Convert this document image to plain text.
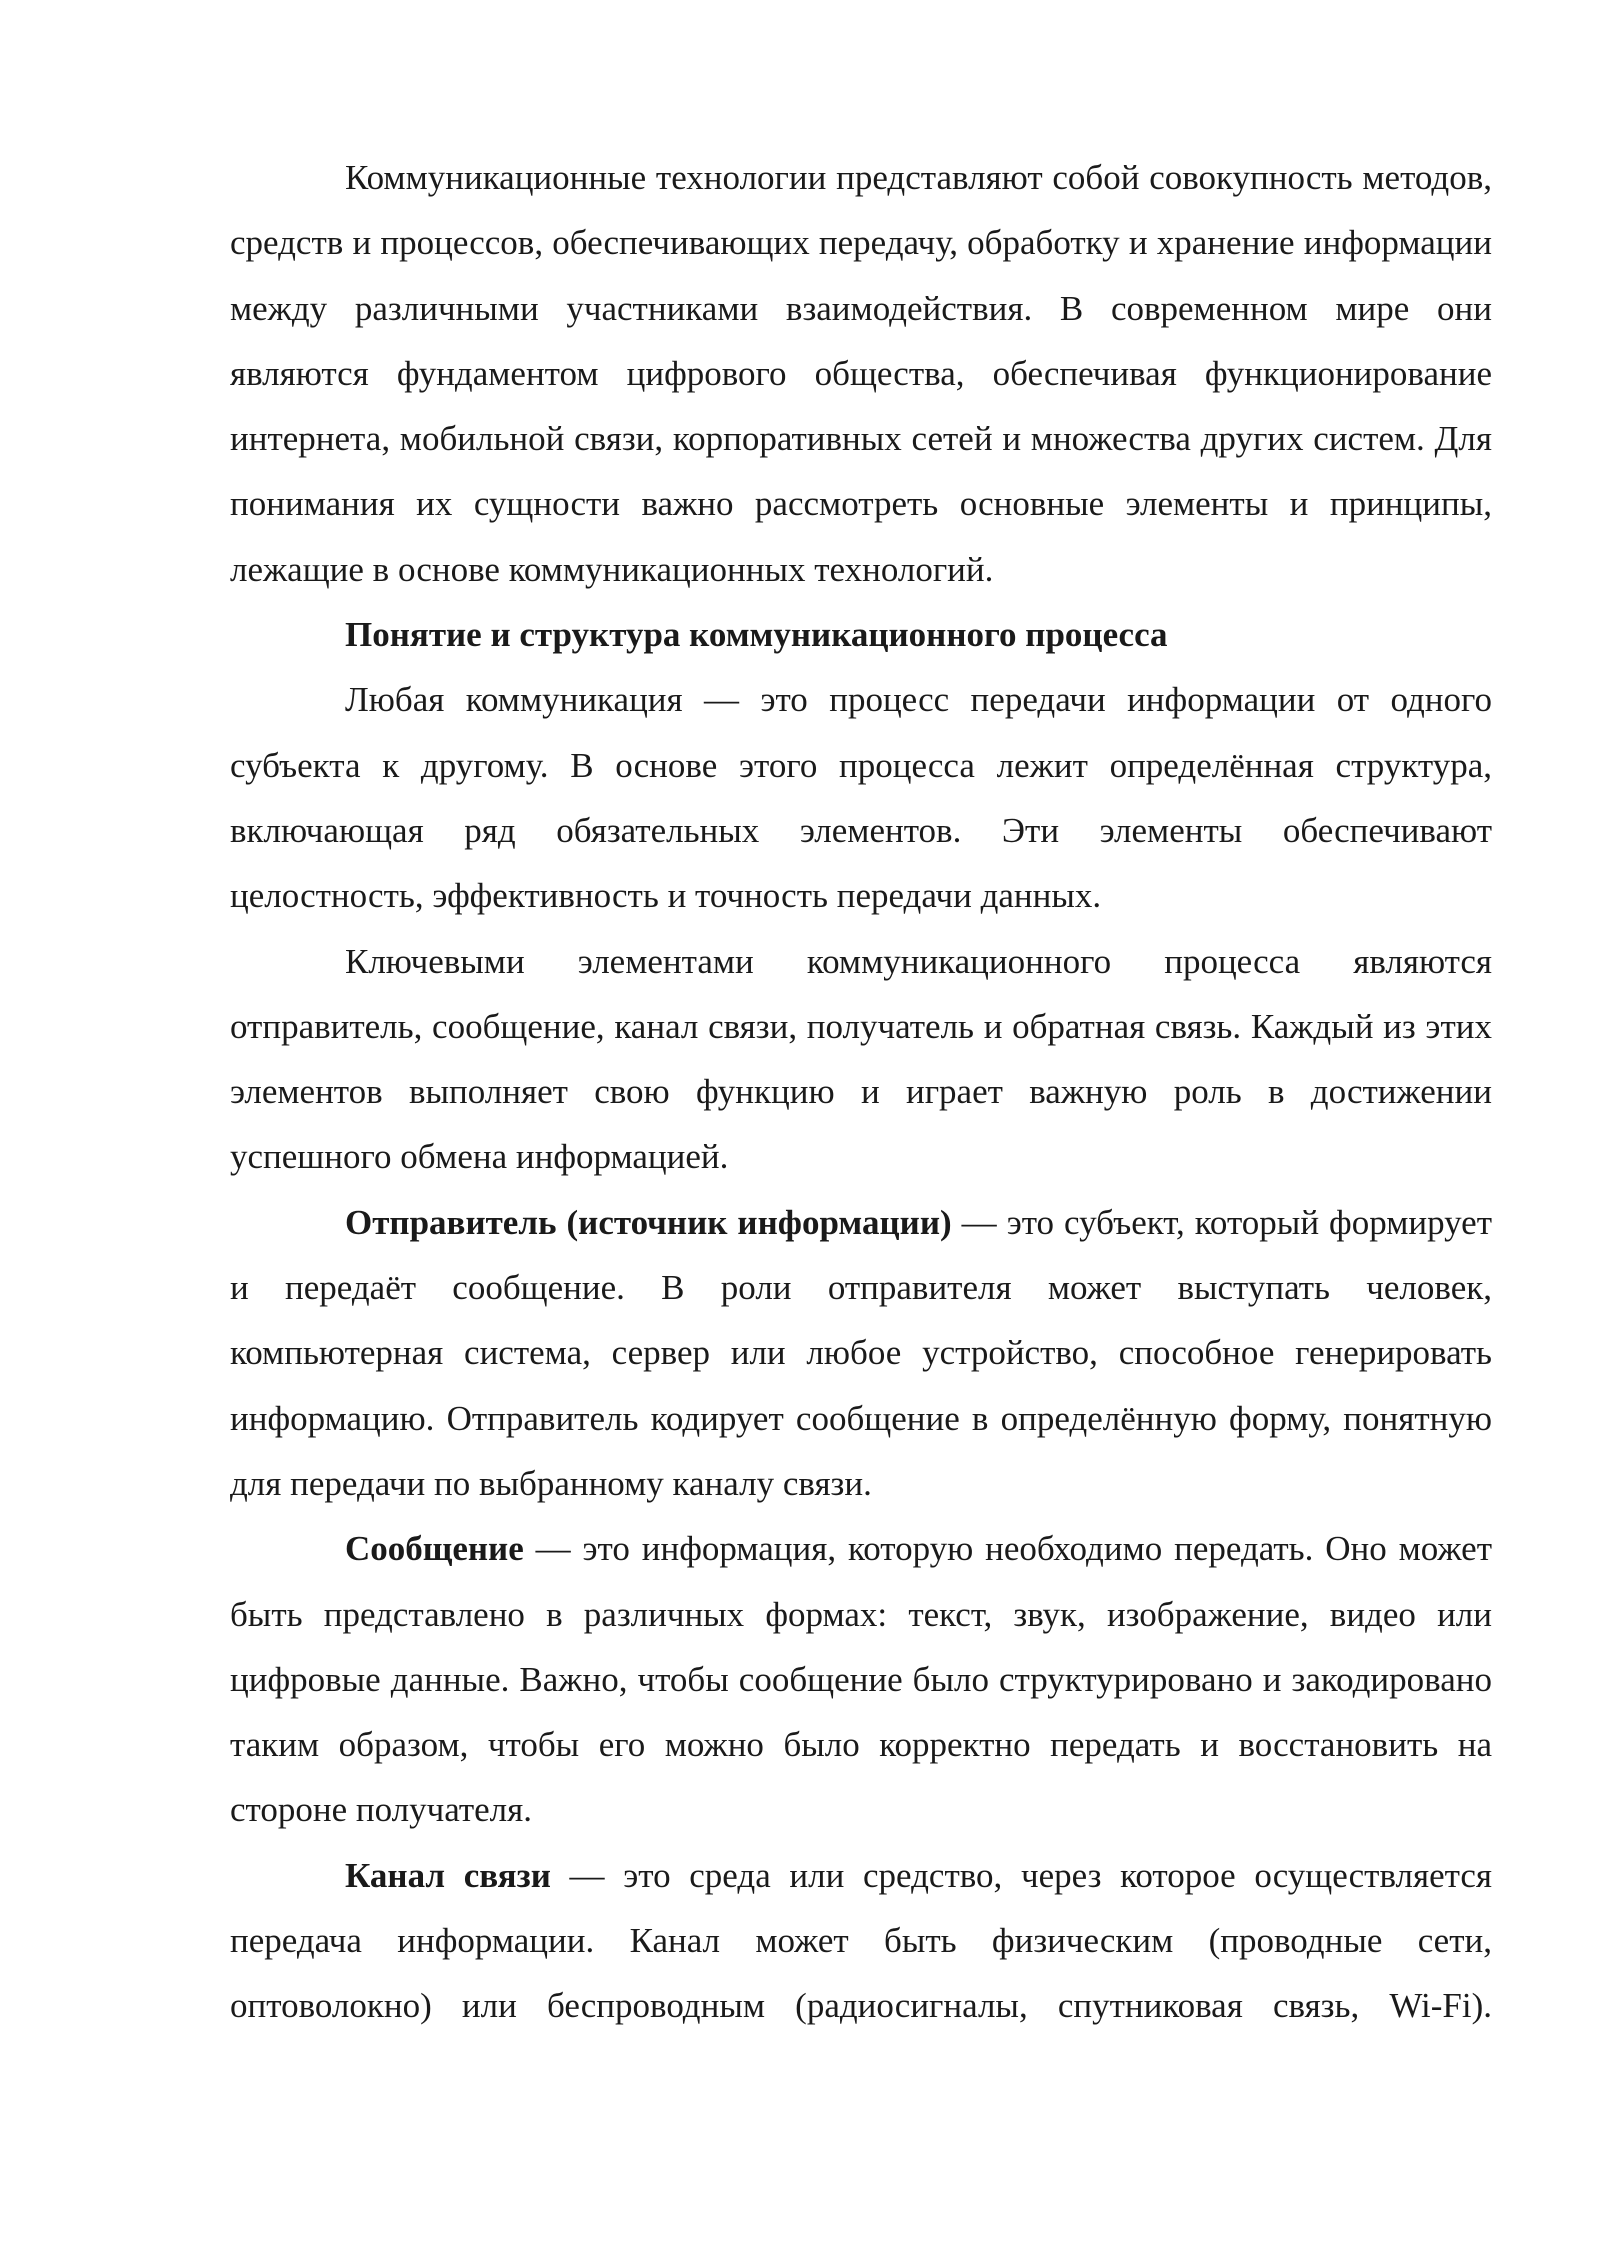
Коммуникационные технологии представляют собой совокупность методов, средств и процессов, обеспечивающих передачу, обработку и хранение информации между различными участниками взаимодействия. В современном мире они являются фундаментом цифрового общества, обеспечивая функционирование интернета, мобильной связи, корпоративных сетей и множества других систем. Для понимания их сущности важно рассмотреть основные элементы и принципы, лежащие в основе коммуникационных технологий.

Понятие и структура коммуникационного процесса

Любая коммуникация — это процесс передачи информации от одного субъекта к другому. В основе этого процесса лежит определённая структура, включающая ряд обязательных элементов. Эти элементы обеспечивают целостность, эффективность и точность передачи данных.

Ключевыми элементами коммуникационного процесса являются отправитель, сообщение, канал связи, получатель и обратная связь. Каждый из этих элементов выполняет свою функцию и играет важную роль в достижении успешного обмена информацией.

Отправитель (источник информации) — это субъект, который формирует и передаёт сообщение. В роли отправителя может выступать человек, компьютерная система, сервер или любое устройство, способное генерировать информацию. Отправитель кодирует сообщение в определённую форму, понятную для передачи по выбранному каналу связи.

Сообщение — это информация, которую необходимо передать. Оно может быть представлено в различных формах: текст, звук, изображение, видео или цифровые данные. Важно, чтобы сообщение было структурировано и закодировано таким образом, чтобы его можно было корректно передать и восстановить на стороне получателя.

Канал связи — это среда или средство, через которое осуществляется передача информации. Канал может быть физическим (проводные сети, оптоволокно) или беспроводным (радиосигналы, спутниковая связь, Wi-Fi).
